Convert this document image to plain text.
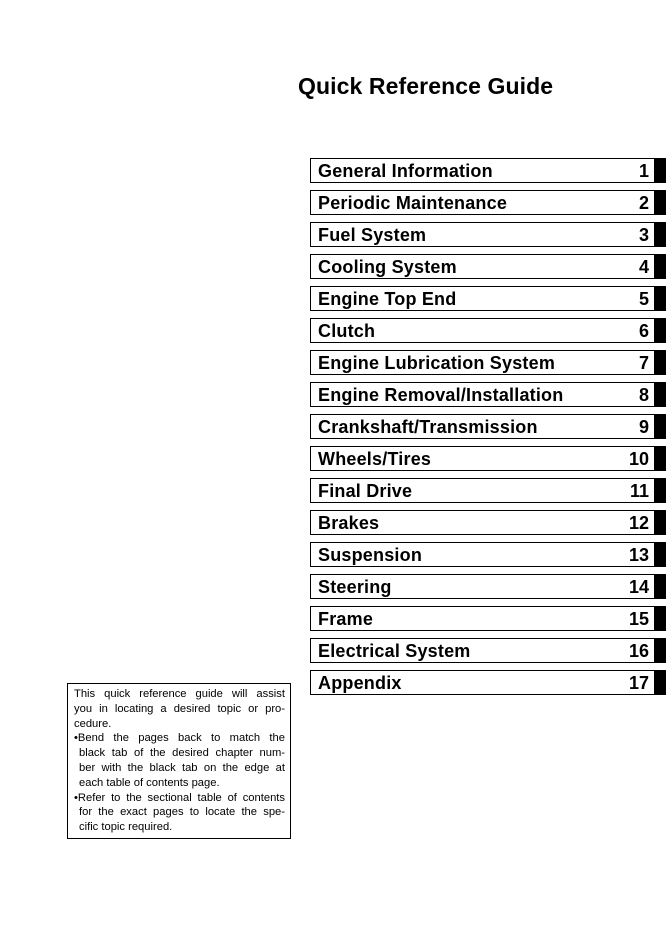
Quick Reference Guide
General Information	1
Periodic Maintenance	2
Fuel System	3
Cooling System	4
Engine Top End	5
Clutch	6
Engine Lubrication System	7
Engine Removal/Installation	8
Crankshaft/Transmission	9
Wheels/Tires	10
Final Drive	11
Brakes	12
Suspension	13
Steering	14
Frame	15
Electrical System	16
Appendix	17
This quick reference guide will assist
you in locating a desired topic or pro-
cedure.
•Bend the pages back to match the
black tab of the desired chapter num-
ber with the black tab on the edge at
each table of contents page.
•Refer to the sectional table of contents
for the exact pages to locate the spe-
cific topic required.
